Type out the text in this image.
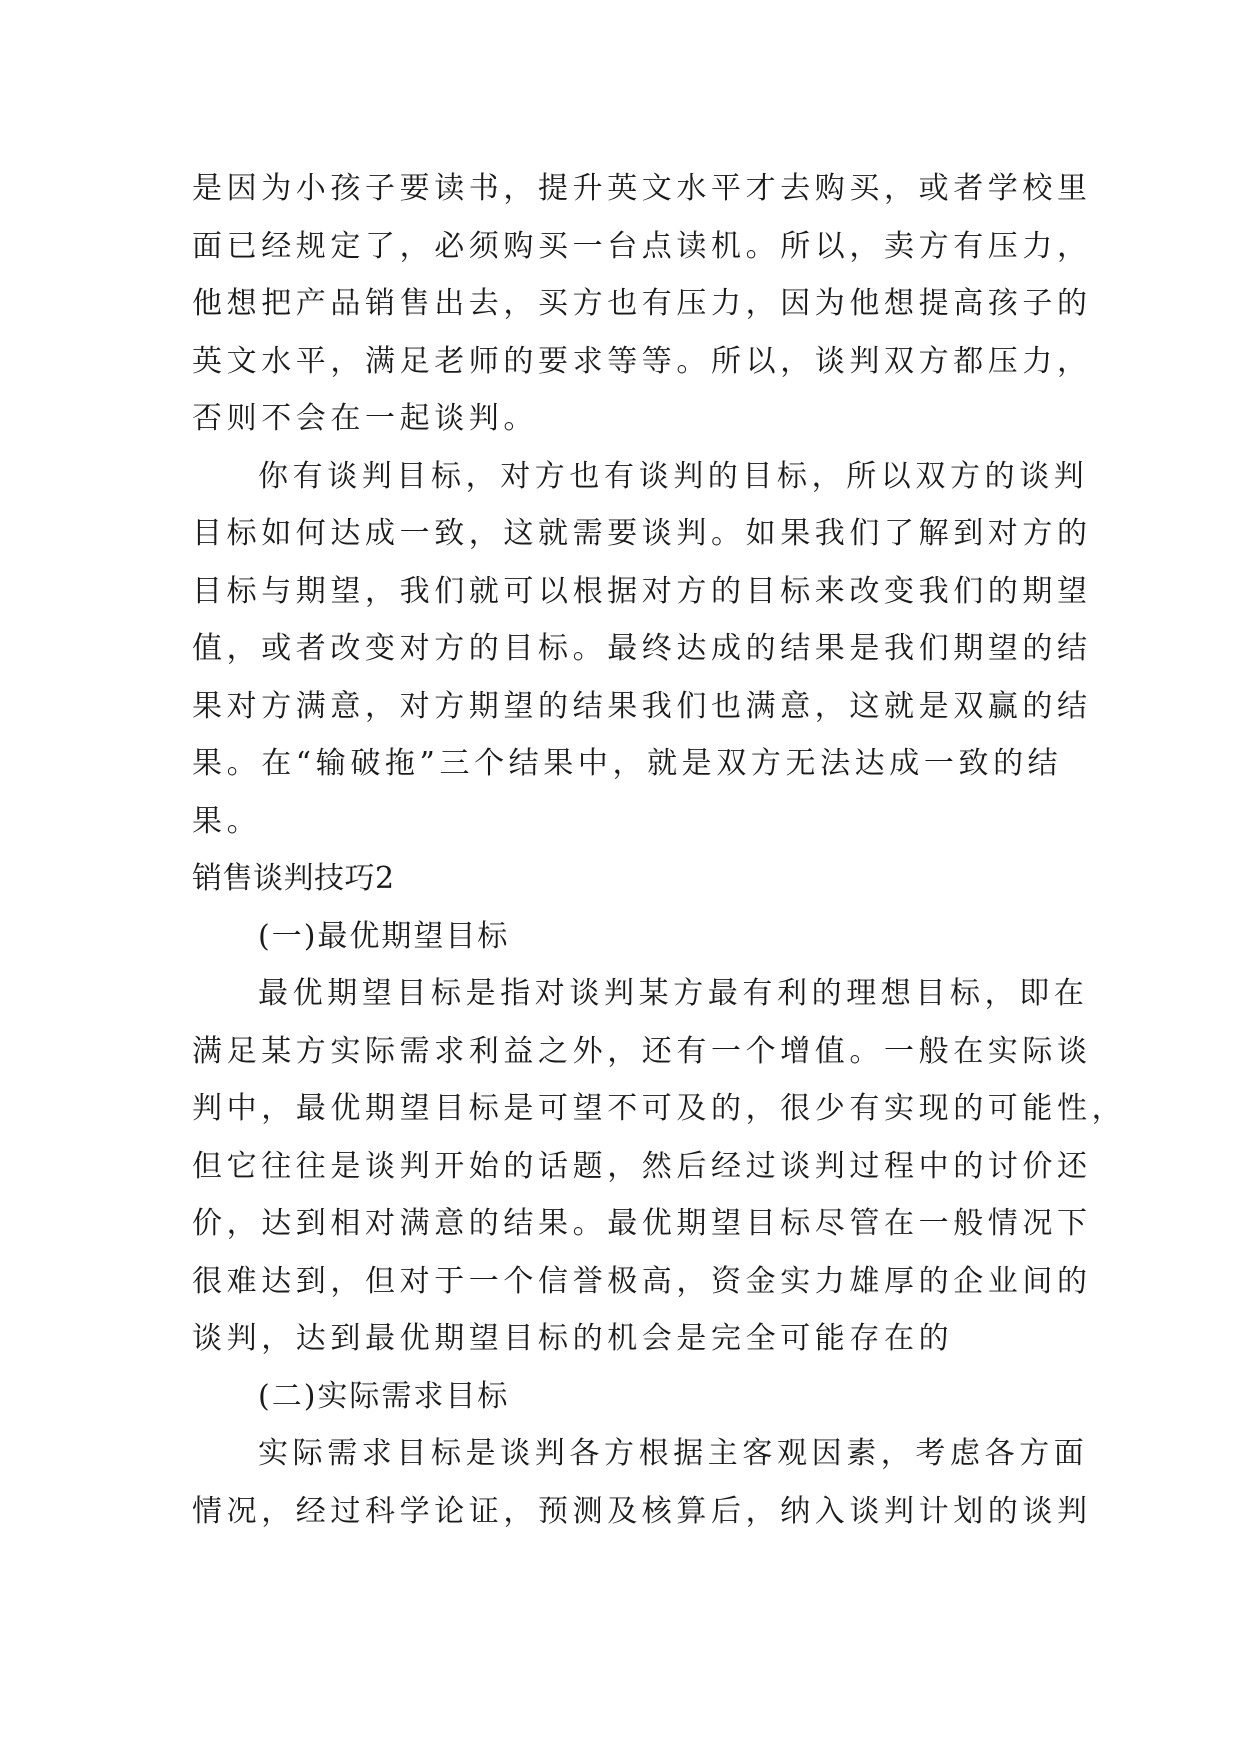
是因为小孩子要读书，提升英文水平才去购买，或者学校里
面已经规定了，必须购买一台点读机。所以，卖方有压力，
他想把产品销售出去，买方也有压力，因为他想提高孩子的
英文水平，满足老师的要求等等。所以，谈判双方都压力，
否则不会在一起谈判。
你有谈判目标，对方也有谈判的目标，所以双方的谈判
目标如何达成一致，这就需要谈判。如果我们了解到对方的
目标与期望，我们就可以根据对方的目标来改变我们的期望
值，或者改变对方的目标。最终达成的结果是我们期望的结
果对方满意，对方期望的结果我们也满意，这就是双赢的结
果。在“输破拖”三个结果中，就是双方无法达成一致的结
果。
销售谈判技巧2
(一)最优期望目标
最优期望目标是指对谈判某方最有利的理想目标，即在
满足某方实际需求利益之外，还有一个增值。一般在实际谈
判中，最优期望目标是可望不可及的，很少有实现的可能性，
但它往往是谈判开始的话题，然后经过谈判过程中的讨价还
价，达到相对满意的结果。最优期望目标尽管在一般情况下
很难达到，但对于一个信誉极高，资金实力雄厚的企业间的
谈判，达到最优期望目标的机会是完全可能存在的
(二)实际需求目标
实际需求目标是谈判各方根据主客观因素，考虑各方面
情况，经过科学论证，预测及核算后，纳入谈判计划的谈判
